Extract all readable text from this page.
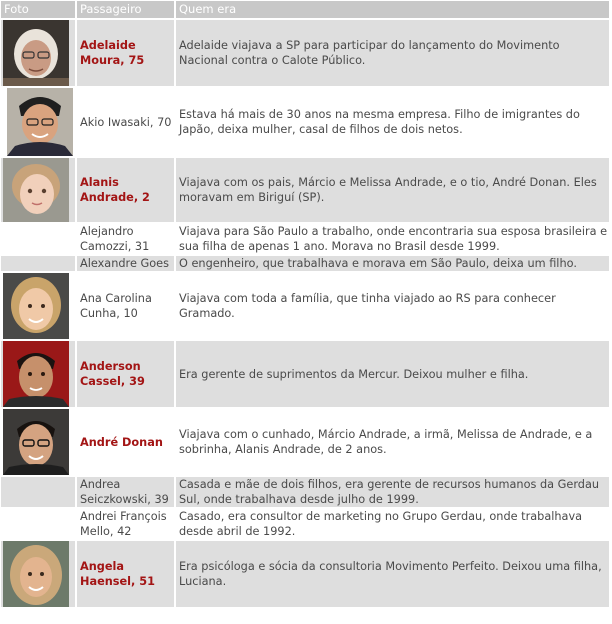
Foto	Passageiro	Quem era

	Adelaide Moura, 75	Adelaide viajava a SP para participar do lançamento do Movimento Nacional contra o Calote Público.

	Akio Iwasaki, 70	Estava há mais de 30 anos na mesma empresa. Filho de imigrantes do Japão, deixa mulher, casal de filhos de dois netos.

	Alanis Andrade, 2	Viajava com os pais, Márcio e Melissa Andrade, e o tio, André Donan. Eles moravam em Biriguí (SP).
	Alejandro Camozzi, 31	Viajava para São Paulo a trabalho, onde encontraria sua esposa brasileira e sua filha de apenas 1 ano. Morava no Brasil desde 1999.
	Alexandre Goes	O engenheiro, que trabalhava e morava em São Paulo, deixa um filho.

	Ana Carolina Cunha, 10	Viajava com toda a família, que tinha viajado ao RS para conhecer Gramado.

	Anderson Cassel, 39	Era gerente de suprimentos da Mercur. Deixou mulher e filha.

	André Donan	Viajava com o cunhado, Márcio Andrade, a irmã, Melissa de Andrade, e a sobrinha, Alanis Andrade, de 2 anos.
	Andrea Seiczkowski, 39	Casada e mãe de dois filhos, era gerente de recursos humanos da Gerdau Sul, onde trabalhava desde julho de 1999.
	Andrei François Mello, 42	Casado, era consultor de marketing no Grupo Gerdau, onde trabalhava desde abril de 1992.

	Angela Haensel, 51	Era psicóloga e sócia da consultoria Movimento Perfeito. Deixou uma filha, Luciana.
